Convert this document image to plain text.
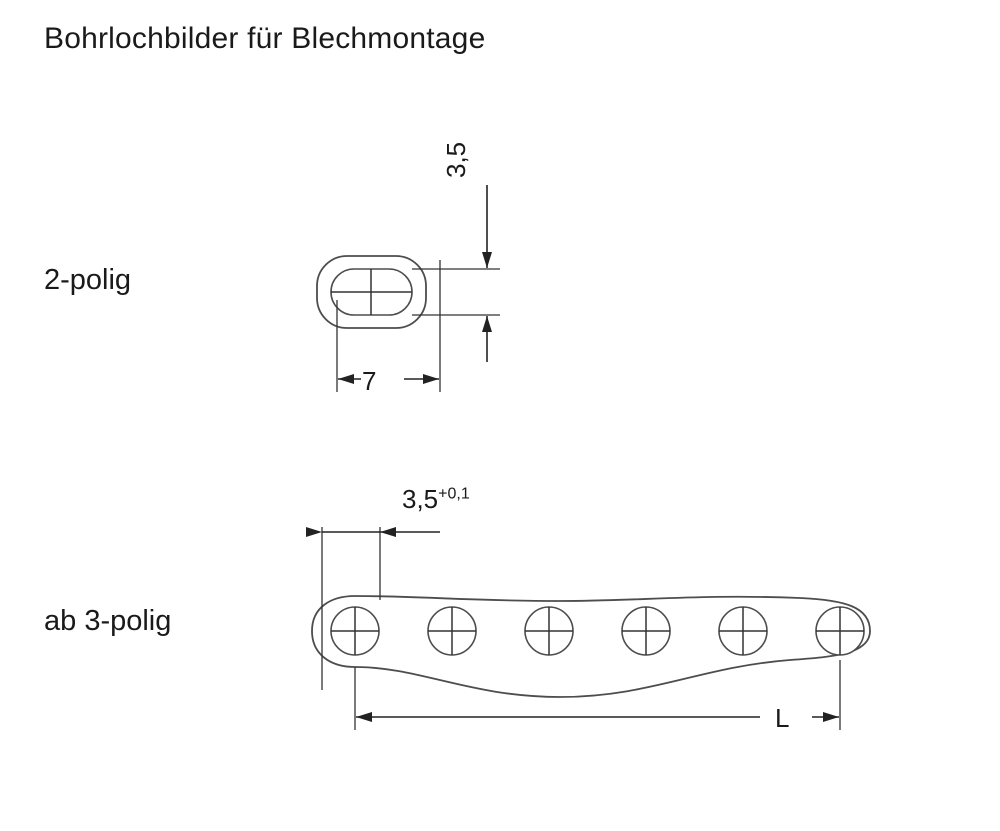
Bohrlochbilder für Blechmontage
2-polig
ab 3-polig
3,5
7
$3,5^{+0,1}$
L
